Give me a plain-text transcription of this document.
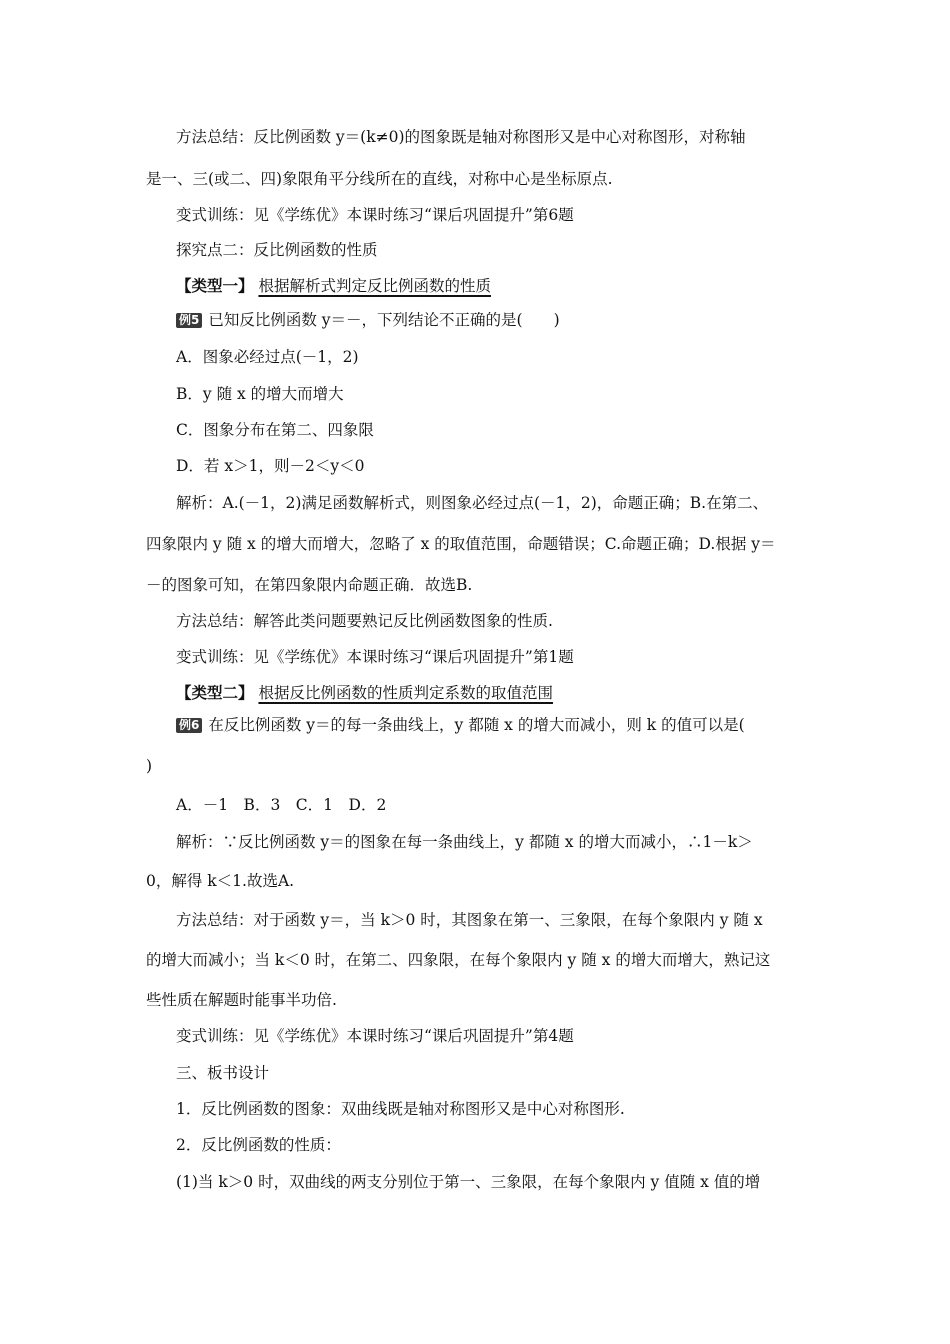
方法总结：反比例函数 y＝(k≠0)的图象既是轴对称图形又是中心对称图形，对称轴
是一、三(或二、四)象限角平分线所在的直线，对称中心是坐标原点.
变式训练：见《学练优》本课时练习“课后巩固提升”第6题
探究点二：反比例函数的性质
【类型一】 根据解析式判定反比例函数的性质
例5 已知反比例函数 y＝－，下列结论不正确的是(　　)
A．图象必经过点(－1，2)
B．y 随 x 的增大而增大
C．图象分布在第二、四象限
D．若 x＞1，则－2＜y＜0
解析：A.(－1，2)满足函数解析式，则图象必经过点(－1，2)，命题正确；B.在第二、
四象限内 y 随 x 的增大而增大，忽略了 x 的取值范围，命题错误；C.命题正确；D.根据 y＝
－的图象可知，在第四象限内命题正确．故选B.
方法总结：解答此类问题要熟记反比例函数图象的性质.
变式训练：见《学练优》本课时练习“课后巩固提升”第1题
【类型二】 根据反比例函数的性质判定系数的取值范围
例6 在反比例函数 y＝的每一条曲线上，y 都随 x 的增大而减小，则 k 的值可以是(
)
A．－1　B．3　C．1　D．2
解析：∵反比例函数 y＝的图象在每一条曲线上，y 都随 x 的增大而减小，∴1－k＞
0，解得 k＜1.故选A.
方法总结：对于函数 y＝，当 k＞0 时，其图象在第一、三象限，在每个象限内 y 随 x
的增大而减小；当 k＜0 时，在第二、四象限，在每个象限内 y 随 x 的增大而增大，熟记这
些性质在解题时能事半功倍.
变式训练：见《学练优》本课时练习“课后巩固提升”第4题
三、板书设计
1．反比例函数的图象：双曲线既是轴对称图形又是中心对称图形.
2．反比例函数的性质：
(1)当 k＞0 时，双曲线的两支分别位于第一、三象限，在每个象限内 y 值随 x 值的增
